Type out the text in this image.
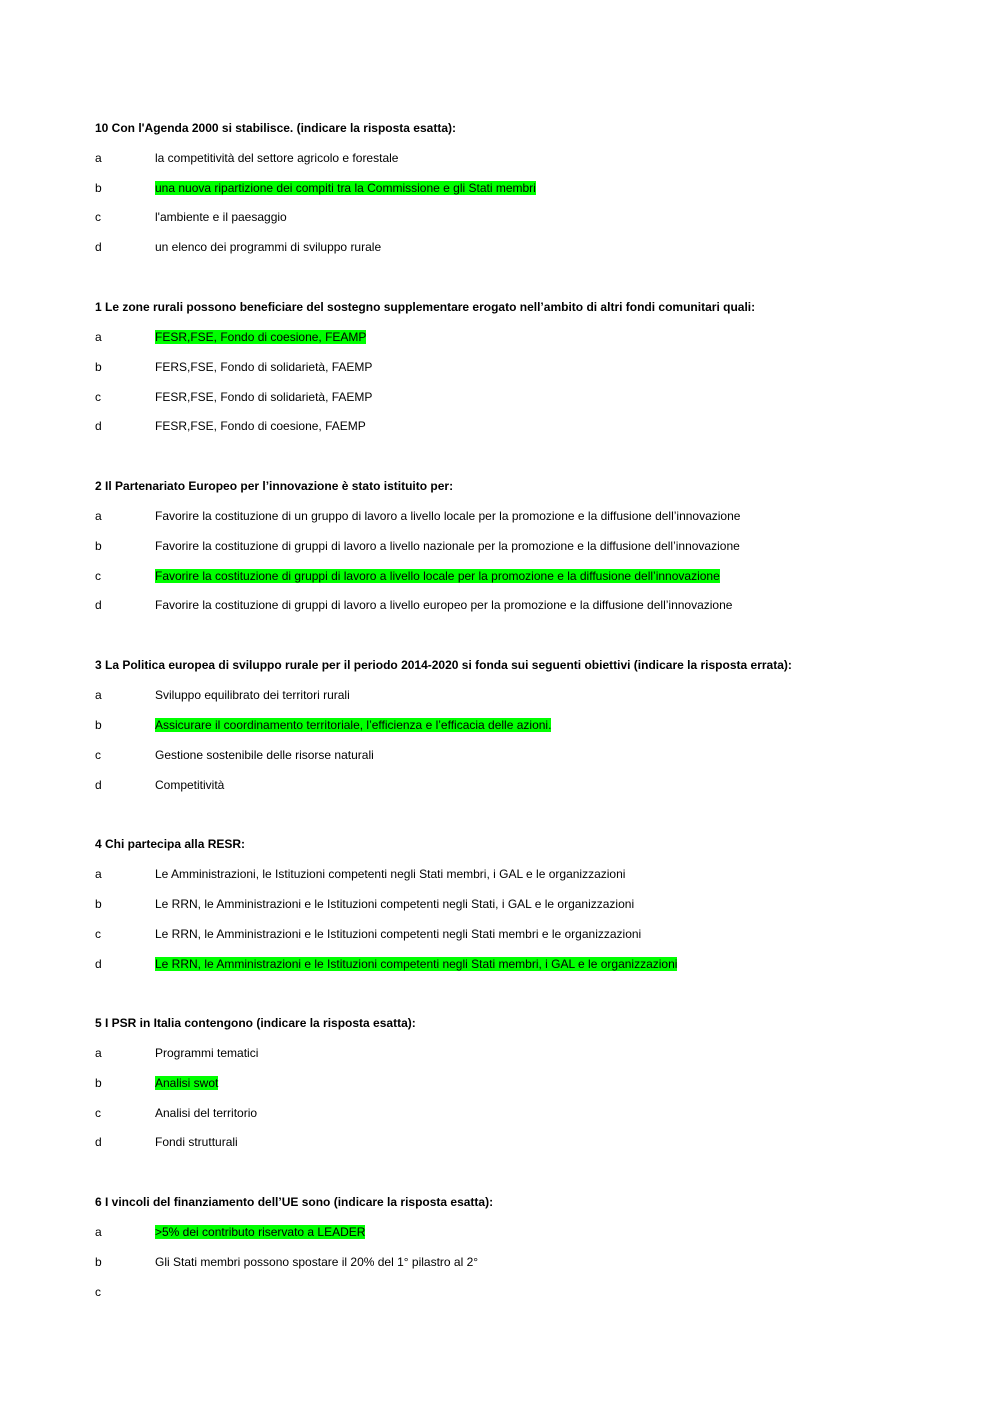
10 Con l'Agenda 2000 si stabilisce. (indicare la risposta esatta):
a	la competitività del settore agricolo e forestale
b	una nuova ripartizione dei compiti tra la Commissione e gli Stati membri
c	l'ambiente e il paesaggio
d	un elenco dei programmi di sviluppo rurale
1 Le zone rurali possono beneficiare del sostegno supplementare erogato nell’ambito di altri fondi comunitari quali:
a	FESR,FSE, Fondo di coesione, FEAMP
b	FERS,FSE, Fondo di solidarietà, FAEMP
c	FESR,FSE, Fondo di solidarietà, FAEMP
d	FESR,FSE, Fondo di coesione, FAEMP
2 Il Partenariato Europeo per l’innovazione è stato istituito per:
a	Favorire la costituzione di un gruppo di lavoro a livello locale per la promozione e la diffusione dell’innovazione
b	Favorire la costituzione di gruppi di lavoro a livello nazionale per la promozione e la diffusione dell’innovazione
c	Favorire la costituzione di gruppi di lavoro a livello locale per la promozione e la diffusione dell’innovazione
d	Favorire la costituzione di gruppi di lavoro a livello europeo per la promozione e la diffusione dell’innovazione
3 La Politica europea di sviluppo rurale per il periodo 2014-2020 si fonda sui seguenti obiettivi (indicare la risposta errata):
a	Sviluppo equilibrato dei territori rurali
b	Assicurare il coordinamento territoriale, l’efficienza e l’efficacia delle azioni.
c	Gestione sostenibile delle risorse naturali
d	Competitività
4 Chi partecipa alla RESR:
a	Le Amministrazioni, le Istituzioni competenti negli Stati membri, i GAL e le organizzazioni
b	Le RRN, le Amministrazioni e le Istituzioni competenti negli Stati, i GAL e le organizzazioni
c	Le RRN, le Amministrazioni e le Istituzioni competenti negli Stati membri e le organizzazioni
d	Le RRN, le Amministrazioni e le Istituzioni competenti negli Stati membri, i GAL e le organizzazioni
5 I PSR in Italia contengono (indicare la risposta esatta):
a	Programmi tematici
b	Analisi swot
c	Analisi del territorio
d	Fondi strutturali
6 I vincoli del finanziamento dell’UE sono (indicare la risposta esatta):
a	>5% dei contributo riservato a LEADER
b	Gli Stati membri possono spostare il 20% del 1° pilastro al 2°
c
